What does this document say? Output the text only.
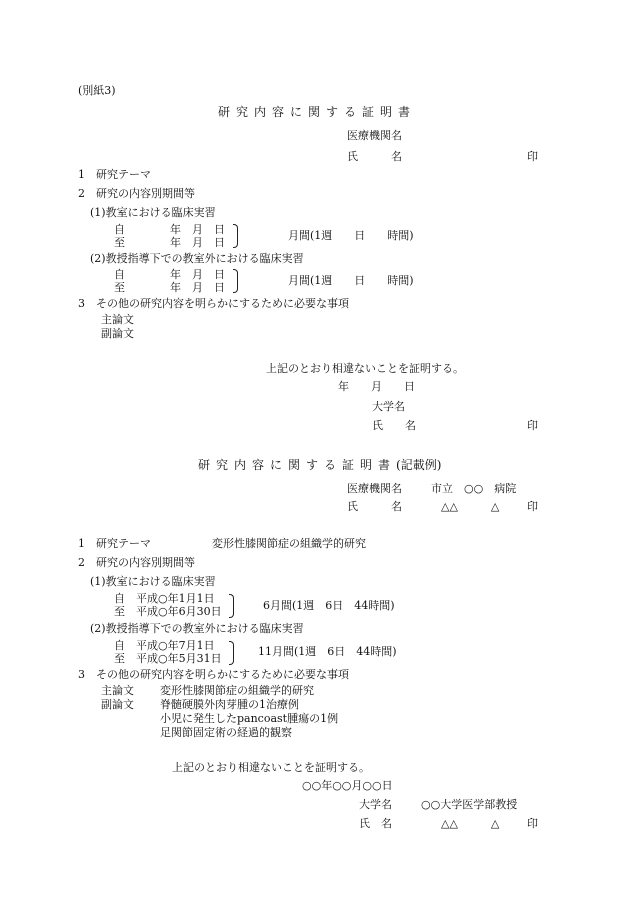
(別紙3)
研究内容に関する証明書
医療機関名
氏　　　名	印
1　研究テーマ
2　研究の内容別期間等
(1)教室における臨床実習
自	年　月　日
至	年　月　日
月間(1週　　日　　時間)
(2)教授指導下での教室外における臨床実習
自	年　月　日
至	年　月　日
月間(1週　　日　　時間)
3　その他の研究内容を明らかにするために必要な事項
主論文
副論文
上記のとおり相違ないことを証明する。
年　　月　　日
大学名
氏　　名	印
研究内容に関する証明書(記載例)
医療機関名	市立　○○　病院
氏　　　名	△△　　　△	印
1　研究テーマ	変形性膝関節症の組織学的研究
2　研究の内容別期間等
(1)教室における臨床実習
自　平成○年1月1日
至　平成○年6月30日	6月間(1週　6日　44時間)
(2)教授指導下での教室外における臨床実習
自　平成○年7月1日
至　平成○年5月31日
11月間(1週　6日　44時間)
3　その他の研究内容を明らかにするために必要な事項
主論文 変形性膝関節症の組織学的研究
副論文 脊髄硬膜外肉芽腫の1治療例
小児に発生したpancoast腫瘍の1例
足関節固定術の経過的観察
上記のとおり相違ないことを証明する。
○○年○○月○○日
大学名	○○大学医学部教授
氏　名	△△　　　△	印
